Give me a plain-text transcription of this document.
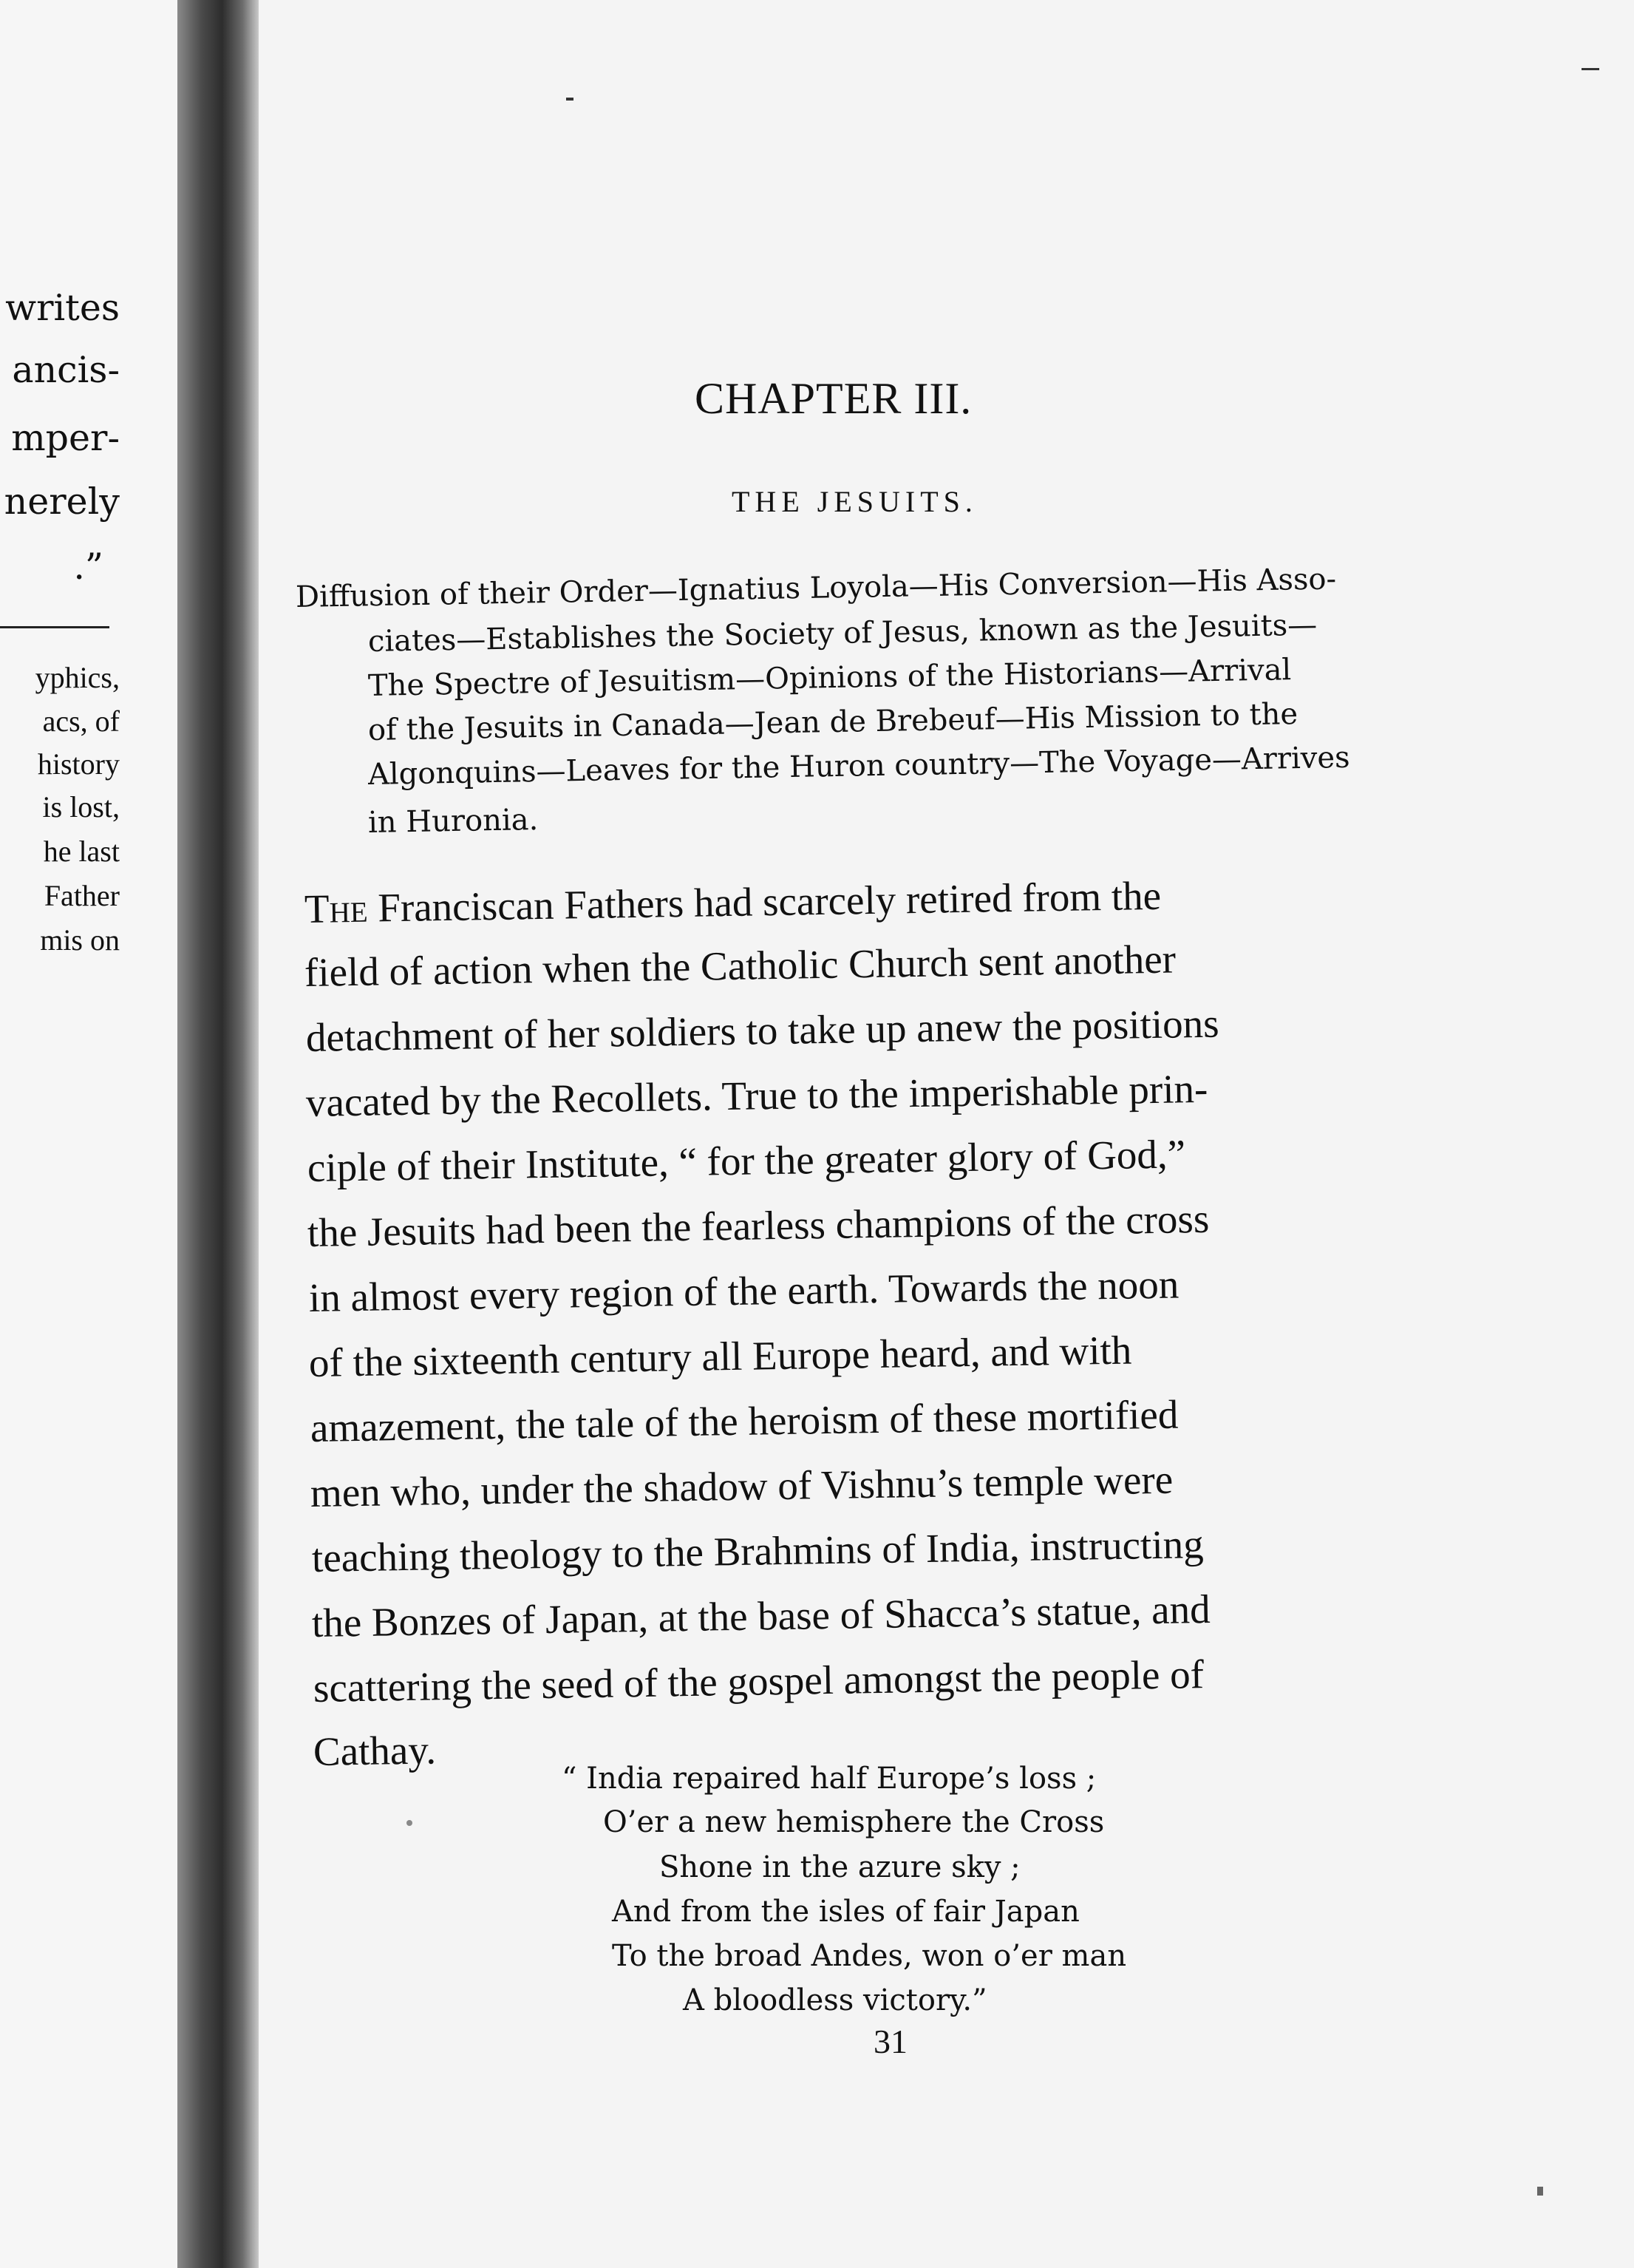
writes
ancis-
mper-
nerely
.”
yphics,
acs, of
history
is lost,
he last
Father
mis on
CHAPTER III.
THE JESUITS.
Diffusion of their Order—Ignatius Loyola—His Conversion—His Asso-
ciates—Establishes the Society of Jesus, known as the Jesuits—
The Spectre of Jesuitism—Opinions of the Historians—Arrival
of the Jesuits in Canada—Jean de Brebeuf—His Mission to the
Algonquins—Leaves for the Huron country—The Voyage—Arrives
in Huronia.
The Franciscan Fathers had scarcely retired from the
field of action when the Catholic Church sent another
detachment of her soldiers to take up anew the positions
vacated by the Recollets. True to the imperishable prin-
ciple of their Institute, “ for the greater glory of God,”
the Jesuits had been the fearless champions of the cross
in almost every region of the earth. Towards the noon
of the sixteenth century all Europe heard, and with
amazement, the tale of the heroism of these mortified
men who, under the shadow of Vishnu’s temple were
teaching theology to the Brahmins of India, instructing
the Bonzes of Japan, at the base of Shacca’s statue, and
scattering the seed of the gospel amongst the people of
Cathay.
“ India repaired half Europe’s loss ;
O’er a new hemisphere the Cross
Shone in the azure sky ;
And from the isles of fair Japan
To the broad Andes, won o’er man
A bloodless victory.”
31
